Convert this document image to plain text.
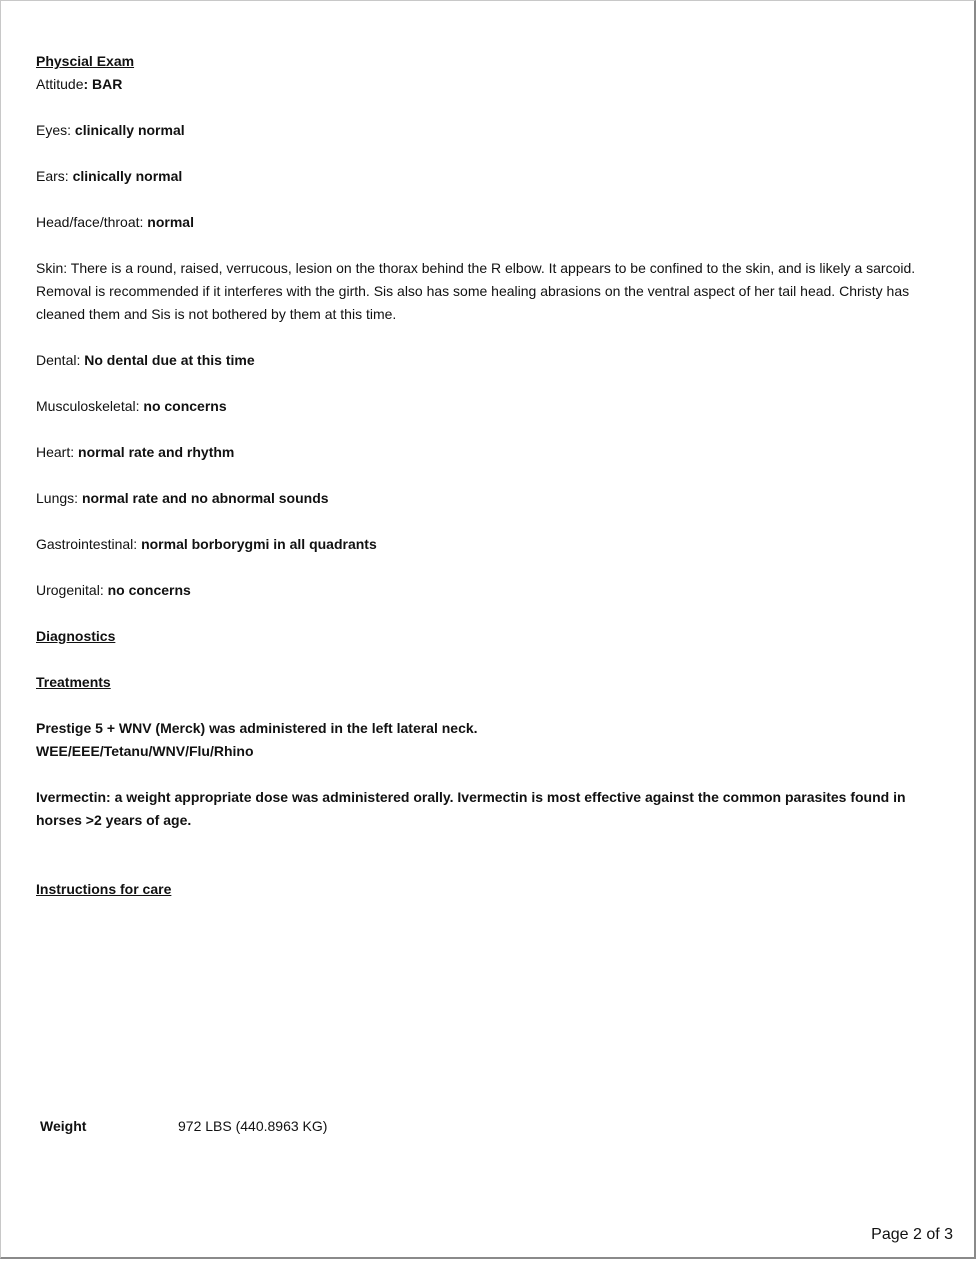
Physcial Exam

Attitude: BAR

Eyes: clinically normal

Ears: clinically normal

Head/face/throat: normal

Skin: There is a round, raised, verrucous, lesion on the thorax behind the R elbow. It appears to be confined to the skin, and is likely a sarcoid. Removal is recommended if it interferes with the girth. Sis also has some healing abrasions on the ventral aspect of her tail head. Christy has cleaned them and Sis is not bothered by them at this time.

Dental: No dental due at this time

Musculoskeletal: no concerns

Heart: normal rate and rhythm

Lungs: normal rate and no abnormal sounds

Gastrointestinal: normal borborygmi in all quadrants

Urogenital: no concerns

Diagnostics

Treatments

Prestige 5 + WNV (Merck) was administered in the left lateral neck.

WEE/EEE/Tetanu/WNV/Flu/Rhino

Ivermectin: a weight appropriate dose was administered orally. Ivermectin is most effective against the common parasites found in horses >2 years of age.

Instructions for care

Weight	972 LBS (440.8963 KG)
Page 2 of 3
